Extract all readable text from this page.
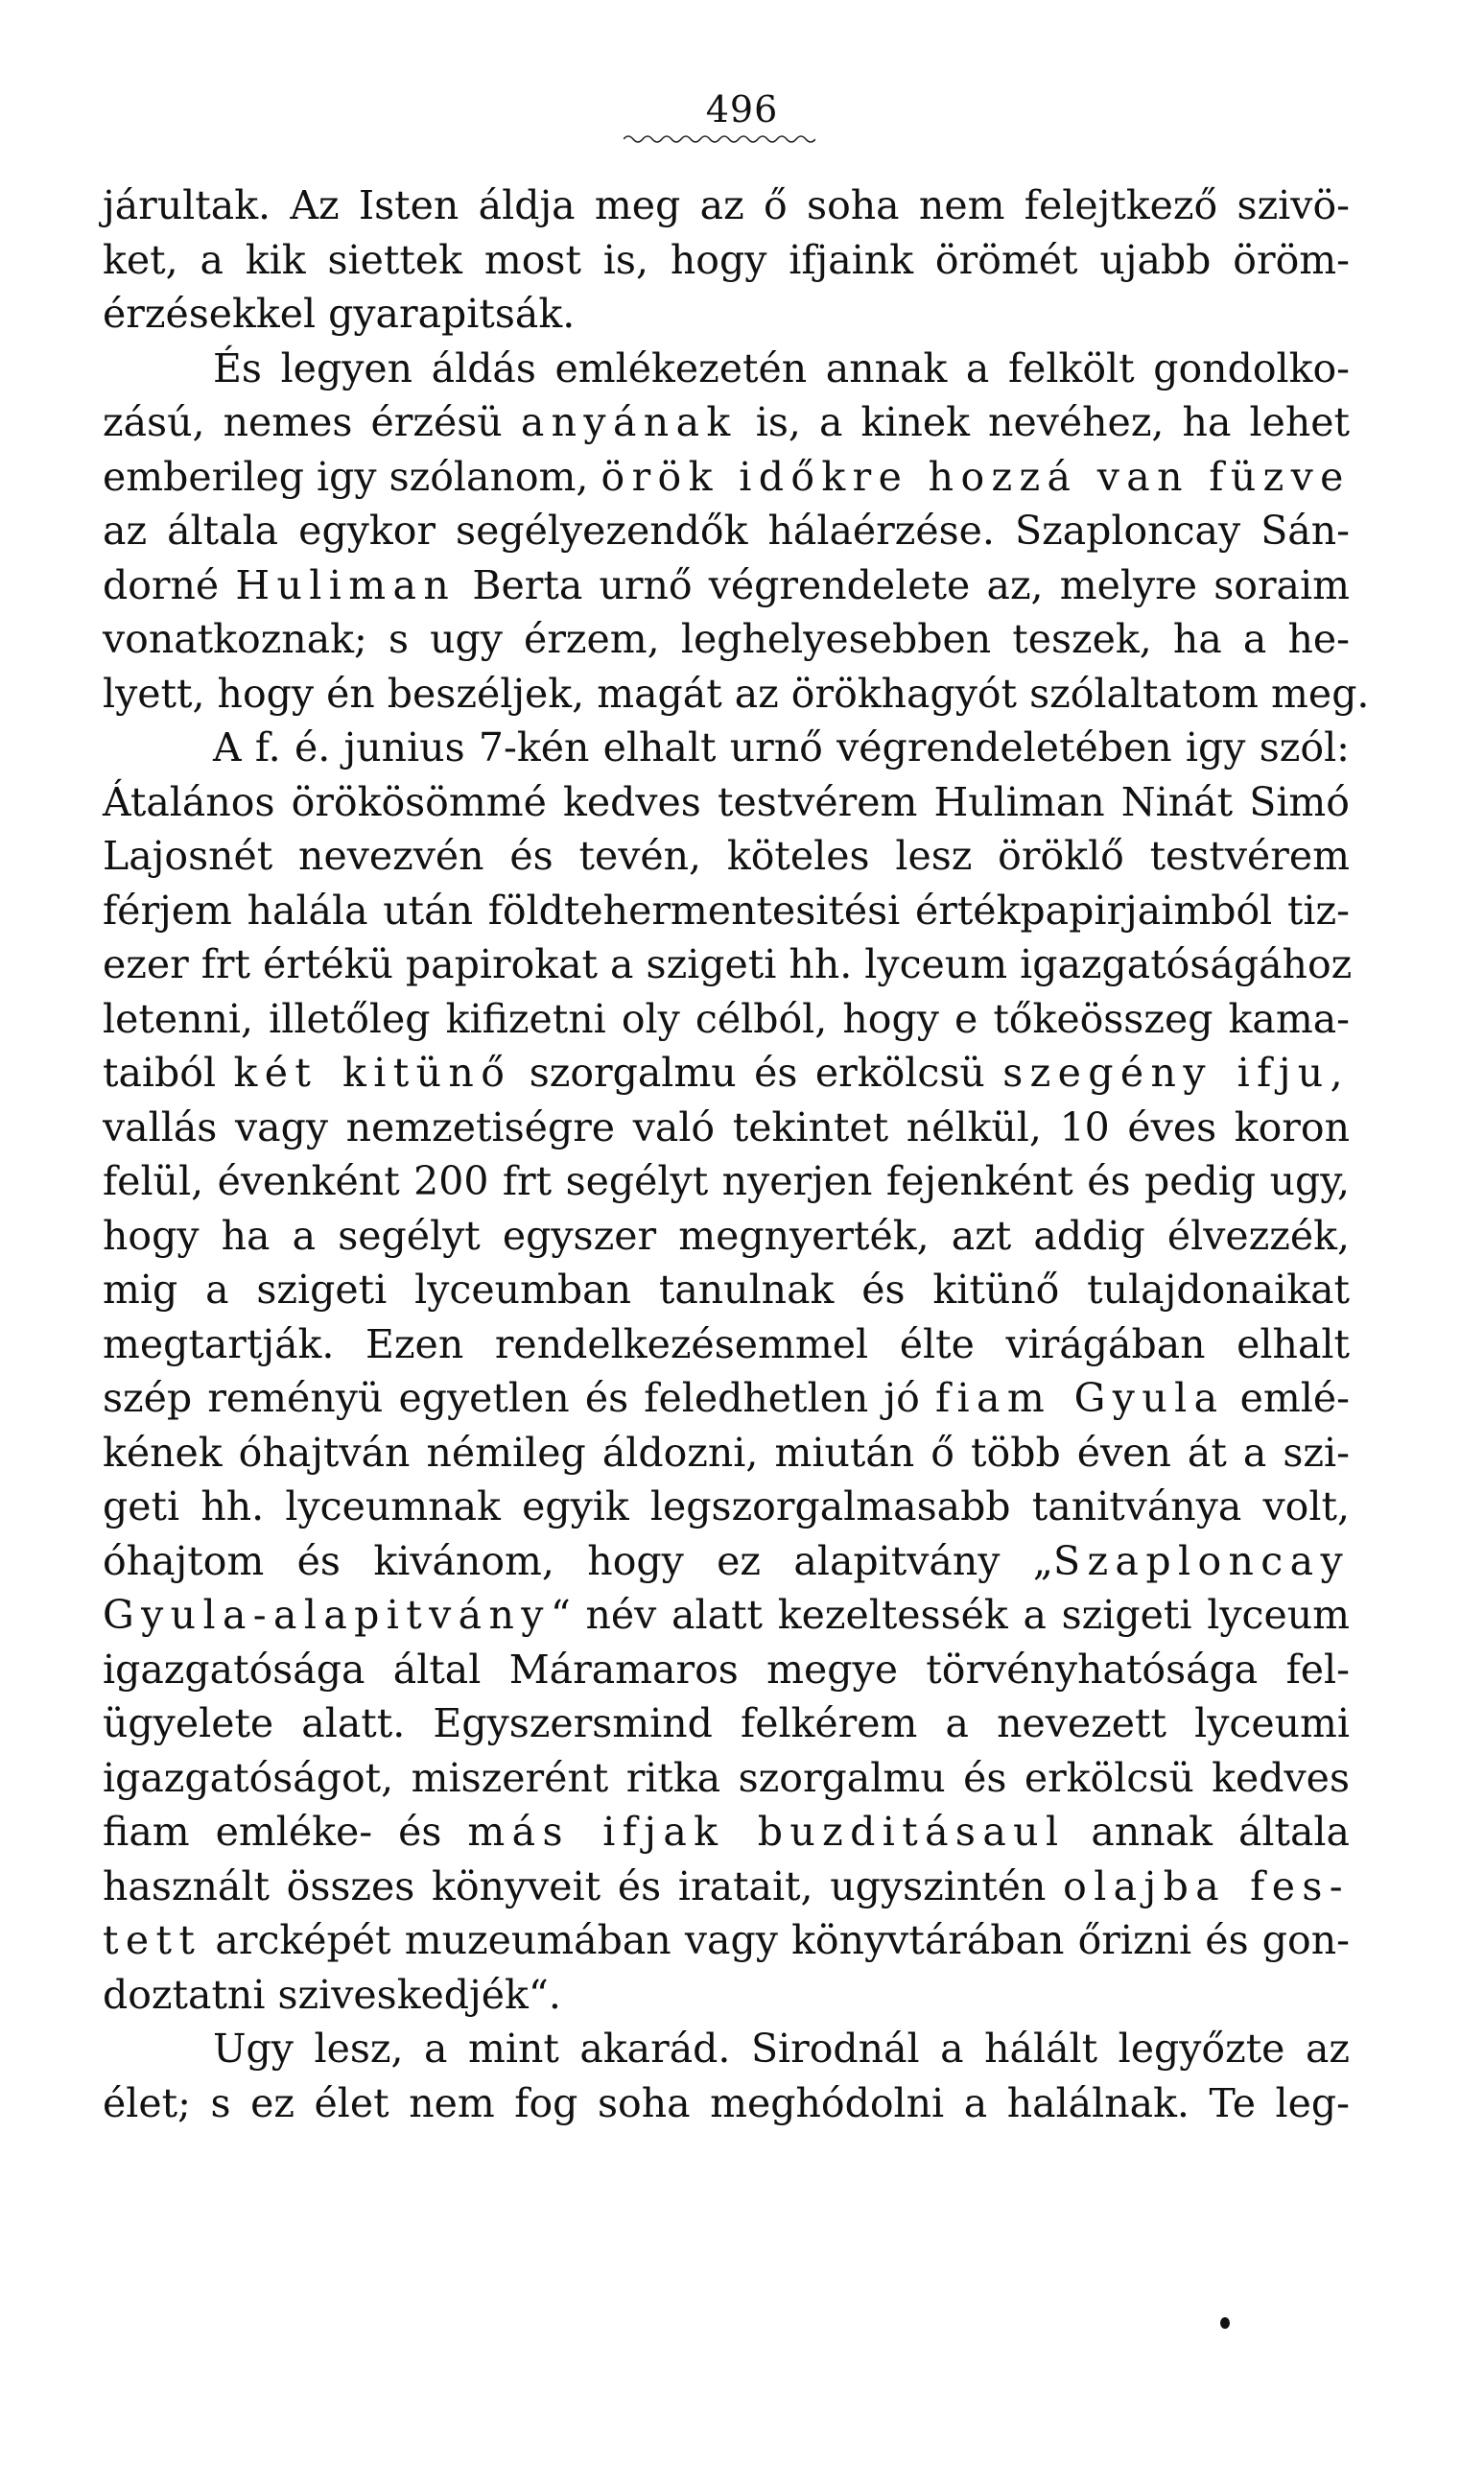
496
járultak. Az Isten áldja meg az ő soha nem felejtkező szivö-
ket, a kik siettek most is, hogy ifjaink örömét ujabb öröm-
érzésekkel gyarapitsák.
És legyen áldás emlékezetén annak a felkölt gondolko-
zású, nemes érzésü anyának is, a kinek nevéhez, ha lehet
emberileg igy szólanom, örök időkre hozzá van füzve
az általa egykor segélyezendők hálaérzése. Szaploncay Sán-
dorné Huliman Berta urnő végrendelete az, melyre soraim
vonatkoznak; s ugy érzem, leghelyesebben teszek, ha a he-
lyett, hogy én beszéljek, magát az örökhagyót szólaltatom meg.
A f. é. junius 7-kén elhalt urnő végrendeletében igy szól:
Átalános örökösömmé kedves testvérem Huliman Ninát Simó
Lajosnét nevezvén és tevén, köteles lesz öröklő testvérem
férjem halála után földtehermentesitési értékpapirjaimból tiz-
ezer frt értékü papirokat a szigeti hh. lyceum igazgatóságához
letenni, illetőleg kifizetni oly célból, hogy e tőkeösszeg kama-
taiból két kitünő szorgalmu és erkölcsü szegény ifju,
vallás vagy nemzetiségre való tekintet nélkül, 10 éves koron
felül, évenként 200 frt segélyt nyerjen fejenként és pedig ugy,
hogy ha a segélyt egyszer megnyerték, azt addig élvezzék,
mig a szigeti lyceumban tanulnak és kitünő tulajdonaikat
megtartják. Ezen rendelkezésemmel élte virágában elhalt
szép reményü egyetlen és feledhetlen jó fiam Gyula emlé-
kének óhajtván némileg áldozni, miután ő több éven át a szi-
geti hh. lyceumnak egyik legszorgalmasabb tanitványa volt,
óhajtom és kivánom, hogy ez alapitvány „Szaploncay
Gyula-alapitvány“ név alatt kezeltessék a szigeti lyceum
igazgatósága által Máramaros megye törvényhatósága fel-
ügyelete alatt. Egyszersmind felkérem a nevezett lyceumi
igazgatóságot, miszerént ritka szorgalmu és erkölcsü kedves
fiam emléke- és más ifjak buzditásaul annak általa
használt összes könyveit és iratait, ugyszintén olajba fes-
tett arcképét muzeumában vagy könyvtárában őrizni és gon-
doztatni sziveskedjék“.
Ugy lesz, a mint akarád. Sirodnál a hálált legyőzte az
élet; s ez élet nem fog soha meghódolni a halálnak. Te leg-
